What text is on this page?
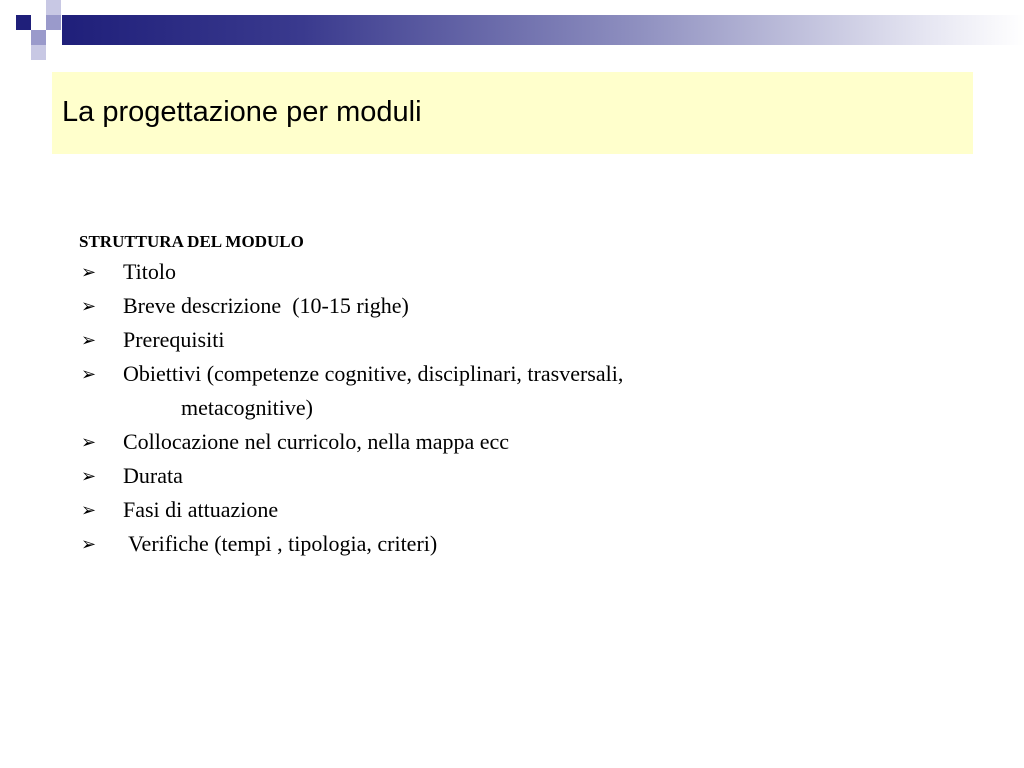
La progettazione per moduli
STRUTTURA DEL MODULO
➢ Titolo
➢ Breve descrizione  (10-15 righe)
➢ Prerequisiti
➢ Obiettivi (competenze cognitive, disciplinari, trasversali,
metacognitive)
➢ Collocazione nel curricolo, nella mappa ecc
➢ Durata
➢ Fasi di attuazione
➢ Verifiche (tempi , tipologia, criteri)
